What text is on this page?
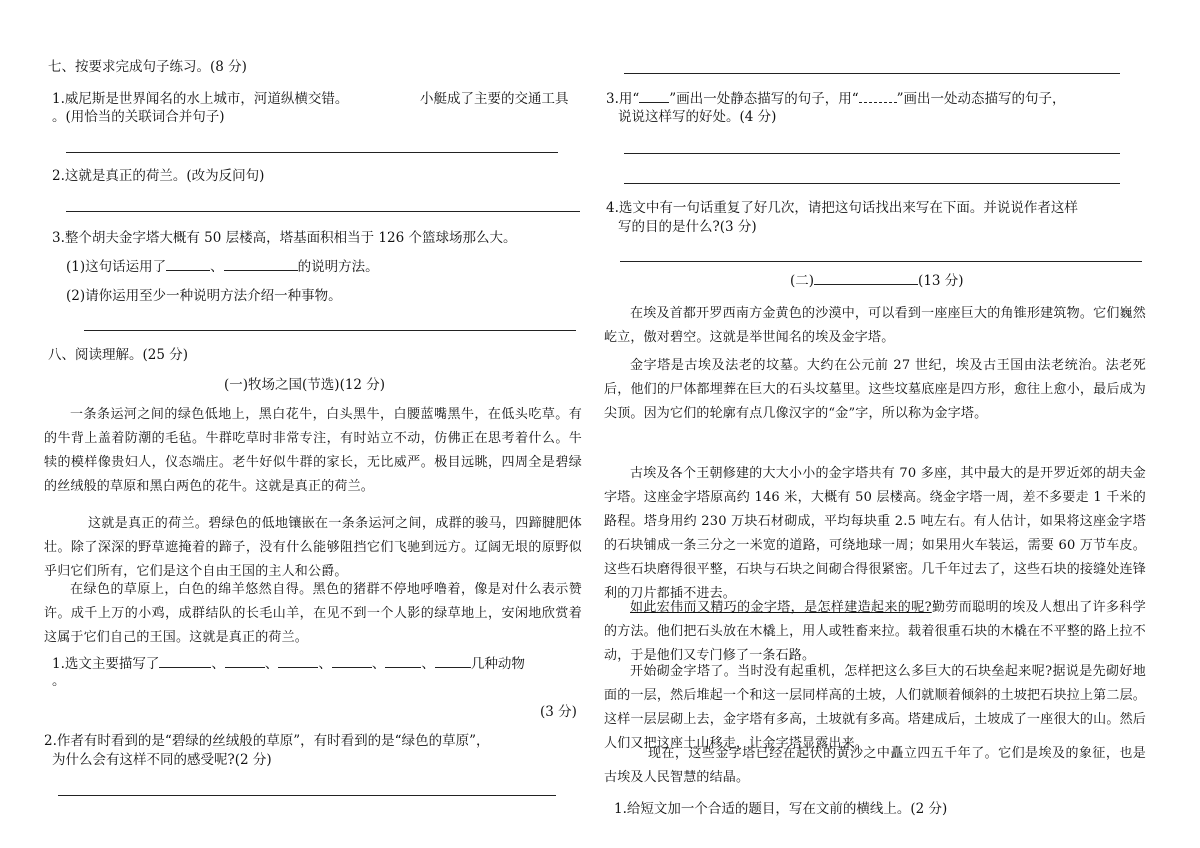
七、按要求完成句子练习。(8 分)
1.威尼斯是世界闻名的水上城市，河道纵横交错。	小艇成了主要的交通工具
。(用恰当的关联词合并句子)
2.这就是真正的荷兰。(改为反问句)
3.整个胡夫金字塔大概有 50 层楼高，塔基面积相当于 126 个篮球场那么大。
(1)这句话运用了	、	的说明方法。
(2)请你运用至少一种说明方法介绍一种事物。
八、阅读理解。(25 分)
(一)牧场之国(节选)(12 分)
一条条运河之间的绿色低地上，黑白花牛，白头黑牛，白腰蓝嘴黑牛，在低头吃草。有的牛背上盖着防潮的毛毡。牛群吃草时非常专注，有时站立不动，仿佛正在思考着什么。牛犊的模样像贵妇人，仪态端庄。老牛好似牛群的家长，无比威严。极目远眺，四周全是碧绿的丝绒般的草原和黑白两色的花牛。这就是真正的荷兰。
这就是真正的荷兰。碧绿色的低地镶嵌在一条条运河之间，成群的骏马，四蹄腱肥体壮。除了深深的野草遮掩着的蹄子，没有什么能够阻挡它们飞驰到远方。辽阔无垠的原野似乎归它们所有，它们是这个自由王国的主人和公爵。
在绿色的草原上，白色的绵羊悠然自得。黑色的猪群不停地呼噜着，像是对什么表示赞许。成千上万的小鸡，成群结队的长毛山羊，在见不到一个人影的绿草地上，安闲地欣赏着这属于它们自己的王国。这就是真正的荷兰。
1.选文主要描写了	、	、	、	、	、	几种动物
。
(3 分)
2.作者有时看到的是“碧绿的丝绒般的草原”，有时看到的是“绿色的草原”，
为什么会有这样不同的感受呢?(2 分)
3.用“ ”画出一处静态描写的句子，用“	”画出一处动态描写的句子，
说说这样写的好处。(4 分)
4.选文中有一句话重复了好几次，请把这句话找出来写在下面。并说说作者这样
写的目的是什么?(3 分)
(二)	(13 分)
在埃及首都开罗西南方金黄色的沙漠中，可以看到一座座巨大的角锥形建筑物。它们巍然屹立，傲对碧空。这就是举世闻名的埃及金字塔。
金字塔是古埃及法老的坟墓。大约在公元前 27 世纪，埃及古王国由法老统治。法老死后，他们的尸体都埋葬在巨大的石头坟墓里。这些坟墓底座是四方形，愈往上愈小，最后成为尖顶。因为它们的轮廓有点几像汉字的“金”字，所以称为金字塔。
古埃及各个王朝修建的大大小小的金字塔共有 70 多座，其中最大的是开罗近郊的胡夫金字塔。这座金字塔原高约 146 米，大概有 50 层楼高。绕金字塔一周，差不多要走 1 千米的路程。塔身用约 230 万块石材砌成，平均每块重 2.5 吨左右。有人估计，如果将这座金字塔的石块铺成一条三分之一米宽的道路，可绕地球一周；如果用火车装运，需要 60 万节车皮。这些石块磨得很平整，石块与石块之间砌合得很紧密。几千年过去了，这些石块的接缝处连锋利的刀片都插不进去。
如此宏伟而又精巧的金字塔，是怎样建造起来的呢?勤劳而聪明的埃及人想出了许多科学的方法。他们把石头放在木橇上，用人或牲畜来拉。载着很重石块的木橇在不平整的路上拉不动，于是他们又专门修了一条石路。
开始砌金字塔了。当时没有起重机，怎样把这么多巨大的石块垒起来呢?据说是先砌好地面的一层，然后堆起一个和这一层同样高的土坡，人们就顺着倾斜的土坡把石块拉上第二层。这样一层层砌上去，金字塔有多高，土坡就有多高。塔建成后，土坡成了一座很大的山。然后人们又把这座土山移走，让金字塔显露出来。
现在，这些金字塔已经在起伏的黄沙之中矗立四五千年了。它们是埃及的象征，也是古埃及人民智慧的结晶。
1.给短文加一个合适的题目，写在文前的横线上。(2 分)
